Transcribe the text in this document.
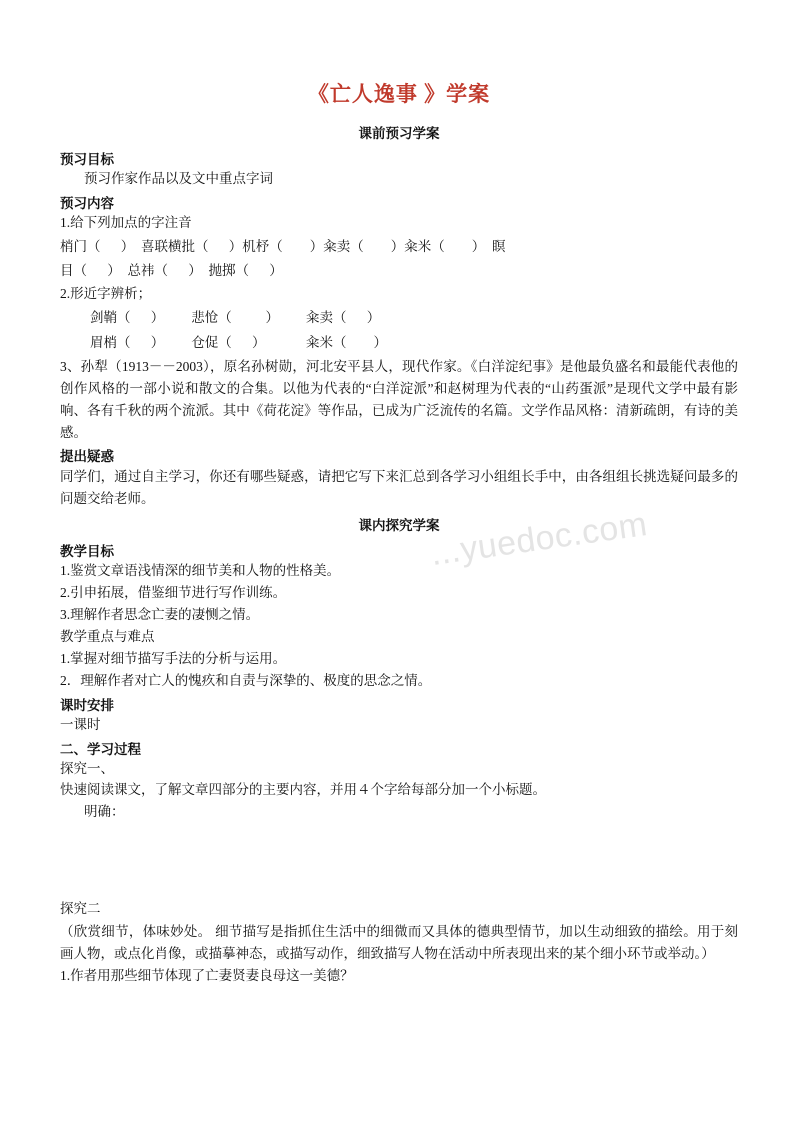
...yuedoc.com
《亡人逸事 》学案
课前预习学案
预习目标
预习作家作品以及文中重点字词
预习内容
1.给下列加点的字注音
梢门（      ）  喜联横批（      ）机杼（        ）籴卖（        ）籴米（        ）  瞑
目（      ）  总祎（      ）  抛掷（      ）
2.形近字辨析；
剑鞘（      ）        悲怆（          ）        籴卖（      ）
眉梢（      ）        仓促（      ）            籴米（        ）
3、孙犁（1913－－2003），原名孙树勋，河北安平县人，现代作家。《白洋淀纪事》是他最负盛名和最能代表他的创作风格的一部小说和散文的合集。以他为代表的“白洋淀派”和赵树理为代表的“山药蛋派”是现代文学中最有影响、各有千秋的两个流派。其中《荷花淀》等作品，已成为广泛流传的名篇。文学作品风格：清新疏朗，有诗的美感。
提出疑惑
同学们，通过自主学习，你还有哪些疑惑，请把它写下来汇总到各学习小组组长手中，由各组组长挑选疑问最多的问题交给老师。
课内探究学案
教学目标
1.鉴赏文章语浅情深的细节美和人物的性格美。
2.引申拓展，借鉴细节进行写作训练。
3.理解作者思念亡妻的凄恻之情。
教学重点与难点
1.掌握对细节描写手法的分析与运用。
2．理解作者对亡人的愧疚和自责与深挚的、极度的思念之情。
课时安排
一课时
二、学习过程
探究一、
快速阅读课文，了解文章四部分的主要内容，并用４个字给每部分加一个小标题。
明确：
探究二
（欣赏细节，体味妙处。 细节描写是指抓住生活中的细微而又具体的德典型情节，加以生动细致的描绘。用于刻画人物，或点化肖像，或描摹神态，或描写动作，细致描写人物在活动中所表现出来的某个细小环节或举动。）
1.作者用那些细节体现了亡妻贤妻良母这一美德？
